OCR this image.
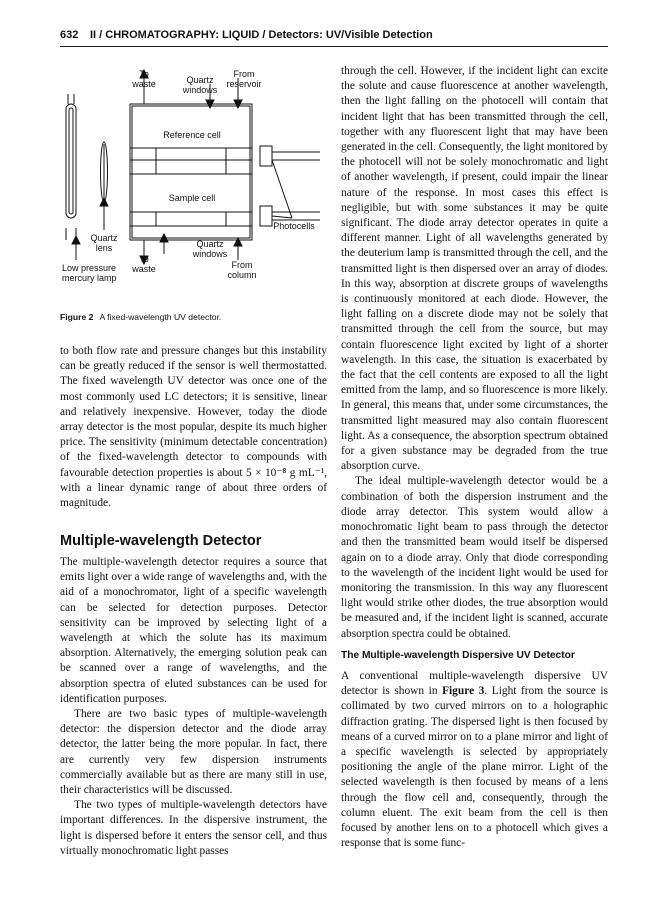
632 II / CHROMATOGRAPHY: LIQUID / Detectors: UV/Visible Detection
To waste	Quartz windows
From reservoir
Reference cell
Sample cell
Photocells
Quartz lens
To waste
Quartz windows
From column
Low pressure mercury lamp
Figure 2 A fixed-wavelength UV detector.

to both flow rate and pressure changes but this instability can be greatly reduced if the sensor is well thermostatted. The fixed wavelength UV detector was once one of the most commonly used LC detectors; it is sensitive, linear and relatively inexpensive. However, today the diode array detector is the most popular, despite its much higher price. The sensitivity (minimum detectable concentration) of the fixed-wavelength detector to compounds with favourable detection properties is about 5 × 10⁻⁸ g mL⁻¹, with a linear dynamic range of about three orders of magnitude.

Multiple-wavelength Detector

The multiple-wavelength detector requires a source that emits light over a wide range of wavelengths and, with the aid of a monochromator, light of a specific wavelength can be selected for detection purposes. Detector sensitivity can be improved by selecting light of a wavelength at which the solute has its maximum absorption. Alternatively, the emerging solution peak can be scanned over a range of wavelengths, and the absorption spectra of eluted substances can be used for identification purposes.

There are two basic types of multiple-wavelength detector: the dispersion detector and the diode array detector, the latter being the more popular. In fact, there are currently very few dispersion instruments commercially available but as there are many still in use, their characteristics will be discussed.

The two types of multiple-wavelength detectors have important differences. In the dispersive instrument, the light is dispersed before it enters the sensor cell, and thus virtually monochromatic light passes

through the cell. However, if the incident light can excite the solute and cause fluorescence at another wavelength, then the light falling on the photocell will contain that incident light that has been transmitted through the cell, together with any fluorescent light that may have been generated in the cell. Consequently, the light monitored by the photocell will not be solely monochromatic and light of another wavelength, if present, could impair the linear nature of the response. In most cases this effect is negligible, but with some substances it may be quite significant. The diode array detector operates in quite a different manner. Light of all wavelengths generated by the deuterium lamp is transmitted through the cell, and the transmitted light is then dispersed over an array of diodes. In this way, absorption at discrete groups of wavelengths is continuously monitored at each diode. However, the light falling on a discrete diode may not be solely that transmitted through the cell from the source, but may contain fluorescence light excited by light of a shorter wavelength. In this case, the situation is exacerbated by the fact that the cell contents are exposed to all the light emitted from the lamp, and so fluorescence is more likely. In general, this means that, under some circumstances, the transmitted light measured may also contain fluorescent light. As a consequence, the absorption spectrum obtained for a given substance may be degraded from the true absorption curve.

The ideal multiple-wavelength detector would be a combination of both the dispersion instrument and the diode array detector. This system would allow a monochromatic light beam to pass through the detector and then the transmitted beam would itself be dispersed again on to a diode array. Only that diode corresponding to the wavelength of the incident light would be used for monitoring the transmission. In this way any fluorescent light would strike other diodes, the true absorption would be measured and, if the incident light is scanned, accurate absorption spectra could be obtained.

The Multiple-wavelength Dispersive UV Detector

A conventional multiple-wavelength dispersive UV detector is shown in Figure 3. Light from the source is collimated by two curved mirrors on to a holographic diffraction grating. The dispersed light is then focused by means of a curved mirror on to a plane mirror and light of a specific wavelength is selected by appropriately positioning the angle of the plane mirror. Light of the selected wavelength is then focused by means of a lens through the flow cell and, consequently, through the column eluent. The exit beam from the cell is then focused by another lens on to a photocell which gives a response that is some func-
